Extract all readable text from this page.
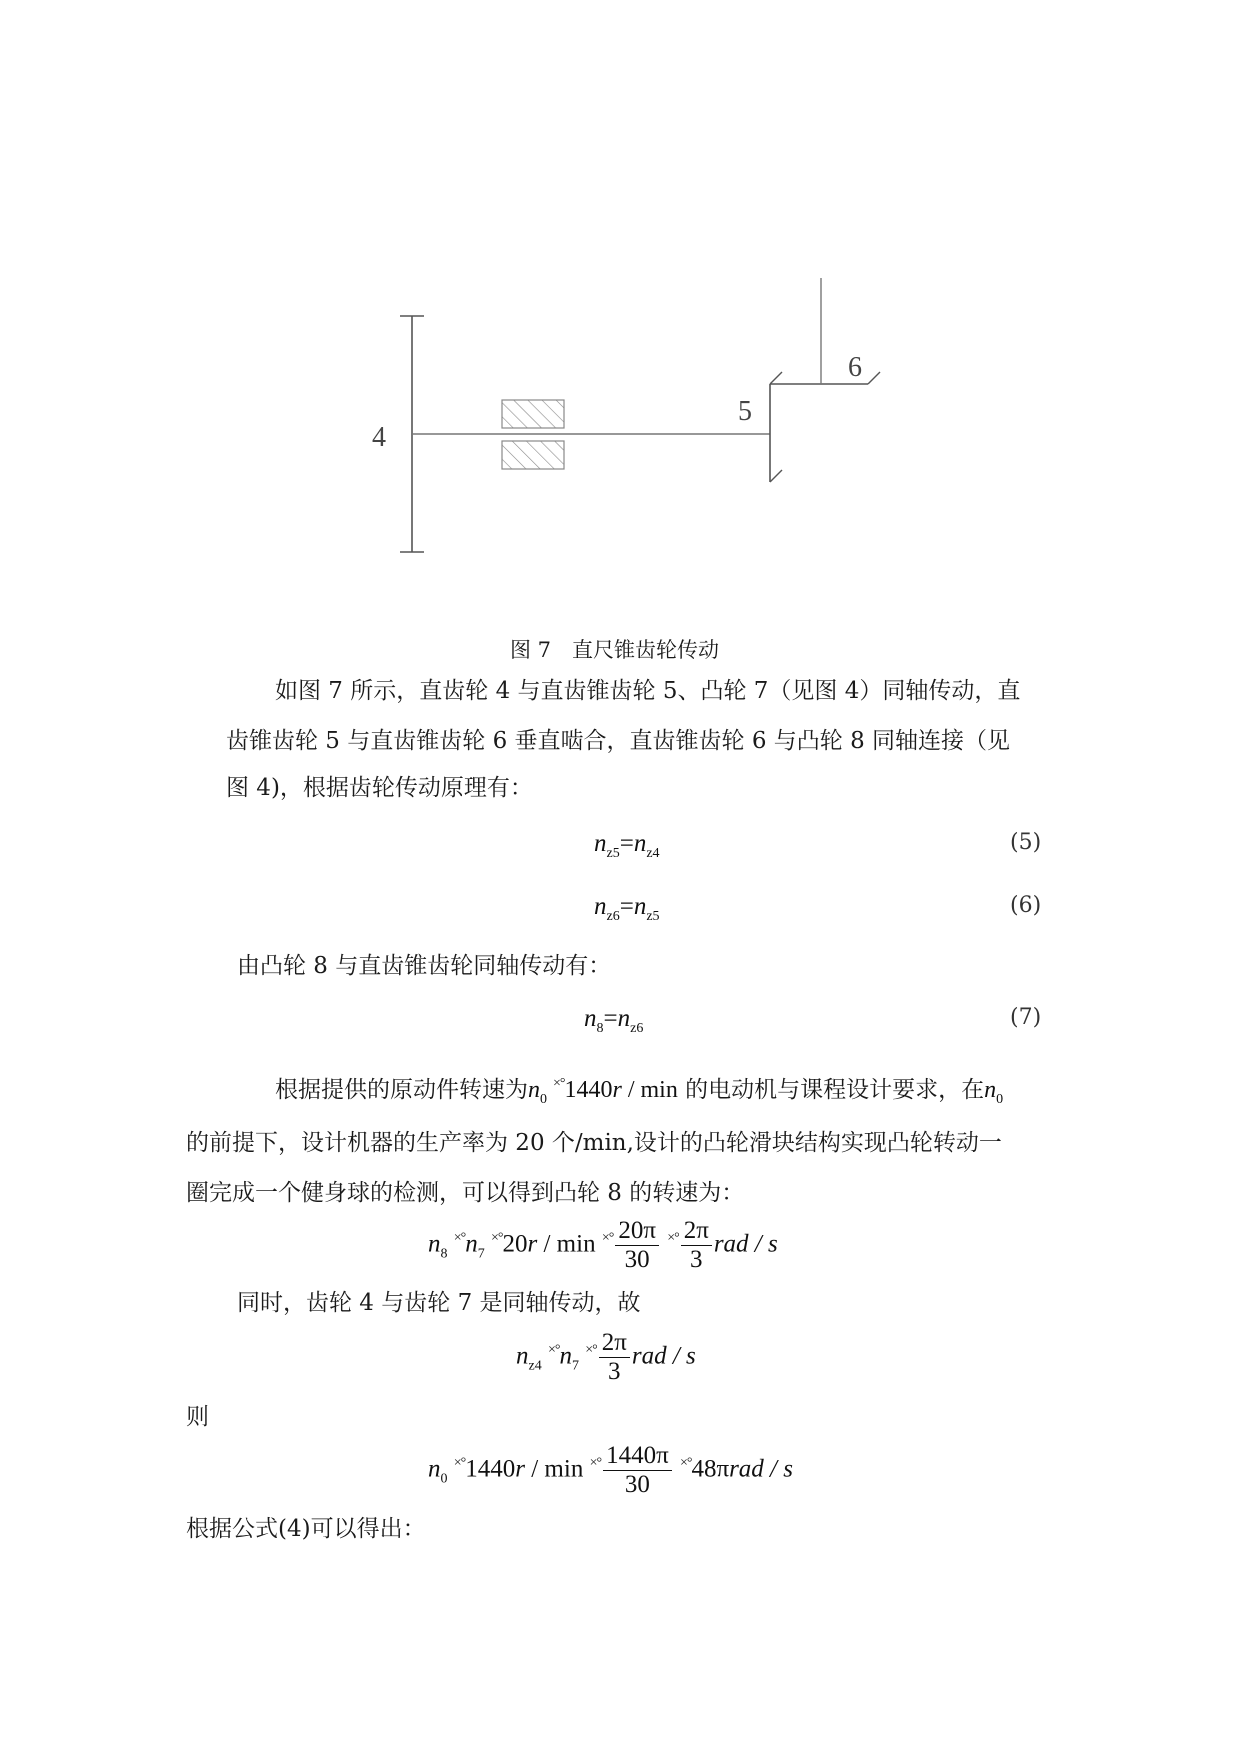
4
5
6
图 7　直尺锥齿轮传动
如图 7 所示，直齿轮 4 与直齿锥齿轮 5、凸轮 7（见图 4）同轴传动，直
齿锥齿轮 5 与直齿锥齿轮 6 垂直啮合，直齿锥齿轮 6 与凸轮 8 同轴连接（见
图 4)，根据齿轮传动原理有：
$n_{z5}=n_{z4}$	(5)
$n_{z6}=n_{z5}$	(6)
由凸轮 8 与直齿锥齿轮同轴传动有：
$n_8=n_{z6}$	(7)
根据提供的原动件转速为$n_0$ ×°1440r / min 的电动机与课程设计要求，在$n_0$
的前提下，设计机器的生产率为 20 个/min,设计的凸轮滑块结构实现凸轮转动一
圈完成一个健身球的检测，可以得到凸轮 8 的转速为：
$n_8$ $^{\times^\circ}n_7$ $^{\times^\circ}20r / \min ^{\times^\circ} \frac{20\pi}{30} ^{\times^\circ} \frac{2\pi}{3}$ rad / s
同时，齿轮 4 与齿轮 7 是同轴传动，故
$n_{z4}$ $^{\times^\circ}n_7$ $^{\times^\circ} \frac{2\pi}{3}$ rad / s
则
$n_0$ $^{\times^\circ}1440r / \min ^{\times^\circ} \frac{1440\pi}{30} ^{\times^\circ}48\pi rad$ / s
根据公式(4)可以得出：
